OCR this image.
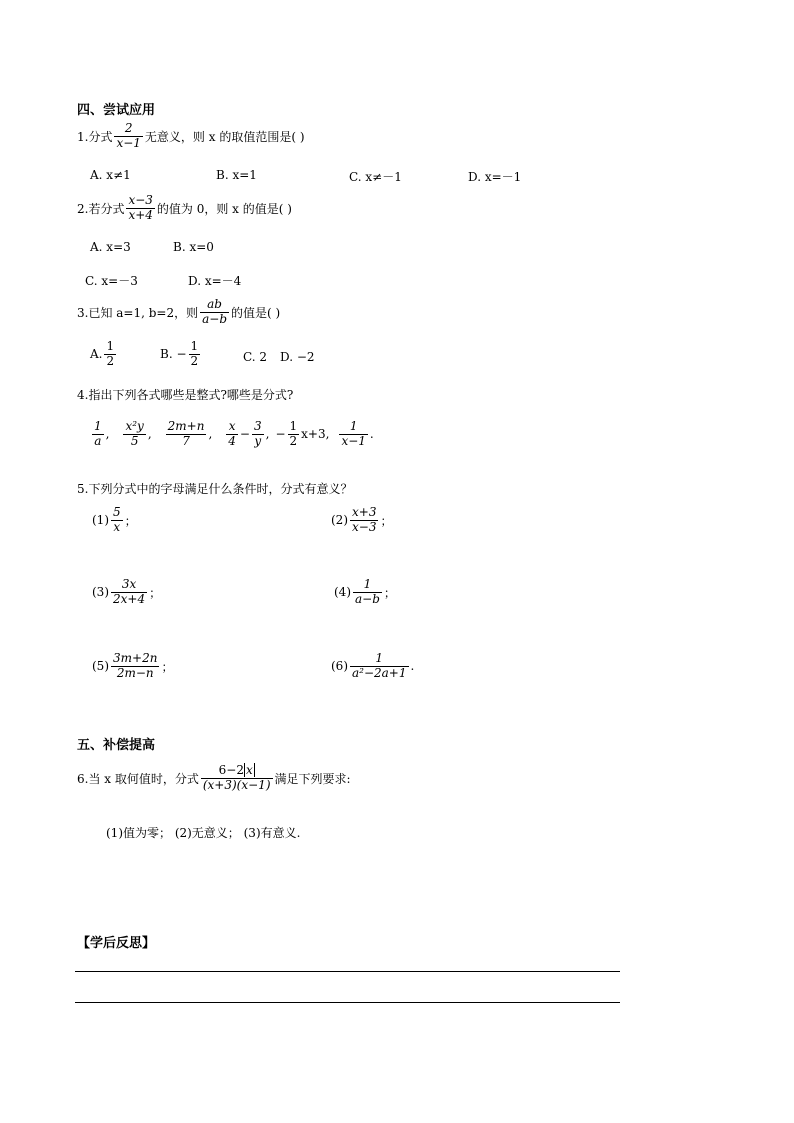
四、尝试应用
1.分式 $\frac{2}{x-1}$ 无意义，则 x 的取值范围是( )
A. x≠1	B. x=1	C. x≠－1	D. x=－1
2.若分式 $\frac{x-3}{x+4}$ 的值为 0，则 x 的值是( )
A. x=3	B. x=0
C. x=－3	D. x=－4
3.已知 a=1, b=2，则 $\frac{ab}{a-b}$ 的值是( )
A. $\frac{1}{2}$	B. − $\frac{1}{2}$	C. 2 D. −2
4.指出下列各式哪些是整式?哪些是分式?
$\frac{1}{a}$ , $\frac{\text{x²y}}{5}$ , $\frac{2m+n}{7}$ , $\frac{x}{4} - \frac{3}{y}$ , − $\frac{1}{2} x+3$, $\frac{1}{x-1}$ .
5.下列分式中的字母满足什么条件时，分式有意义？
$(1) \frac{5}{x}$ ；	$(2) \frac{x+3}{x-3}$ ；
$(3) \frac{3x}{2x+4}$ ；	$(4) \frac{1}{a-b}$ ；
$(5) \frac{3m+2n}{2m-n}$ ；	$(6) \frac{1}{\text{a²−2a+1}}$ .
五、补偿提高
6.当 x 取何值时，分式 $\frac{6-2 x}{(x+3)(x-1)}$ 满足下列要求:
(1)值为零； (2)无意义； (3)有意义.
【学后反思】
